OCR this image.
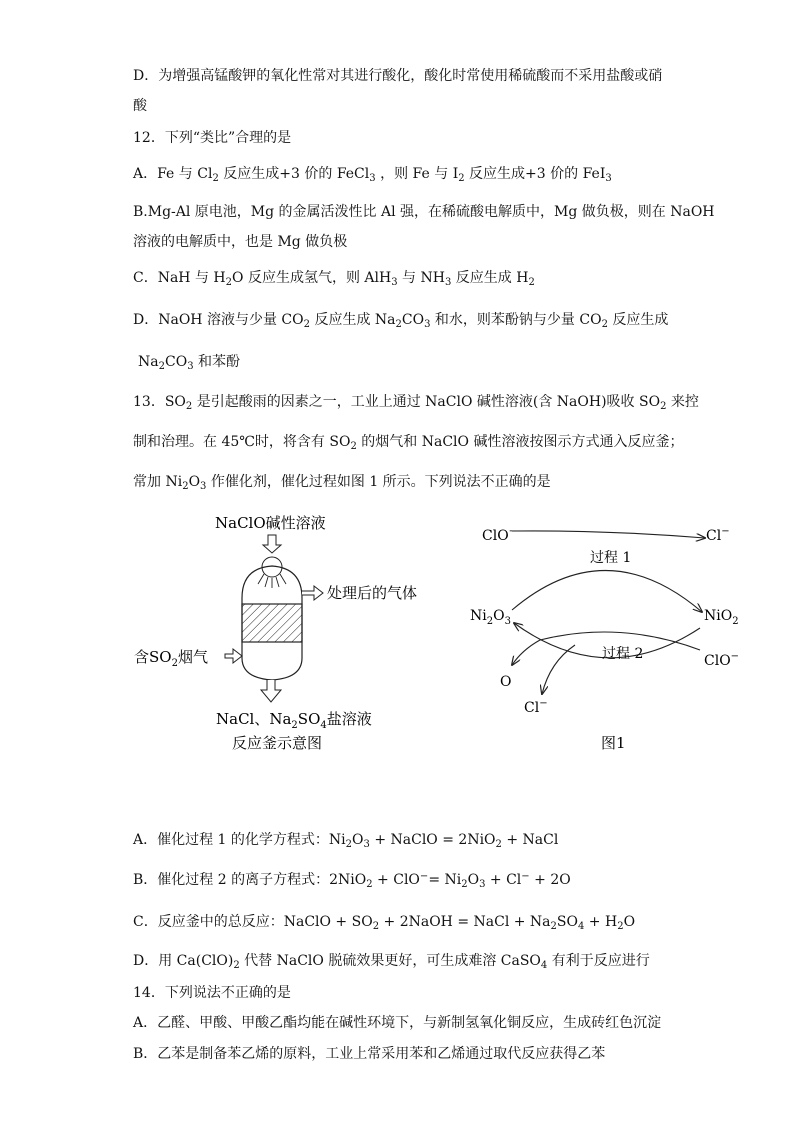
D．为增强高锰酸钾的氧化性常对其进行酸化，酸化时常使用稀硫酸而不采用盐酸或硝
酸
12．下列“类比”合理的是
A．Fe 与 $Cl_2$ 反应生成+3 价的 FeCl$_3$ ，则 Fe 与 $I_2$ 反应生成+3 价的 FeI$_3$
B.Mg-Al 原电池，Mg 的金属活泼性比 Al 强，在稀硫酸电解质中，Mg 做负极，则在 NaOH
溶液的电解质中，也是 Mg 做负极
C．NaH 与 $H_2O$ 反应生成氢气，则 AlH$_3$ 与 $NH_3$ 反应生成 $H_2$
D．NaOH 溶液与少量 $CO_2$ 反应生成 $Na_2CO_3$ 和水，则苯酚钠与少量 $CO_2$ 反应生成
$Na_2CO_3$ 和苯酚
13．$SO_2$ 是引起酸雨的因素之一，工业上通过 NaClO 碱性溶液(含 NaOH)吸收 $SO_2$ 来控
制和治理。在 45℃时，将含有 $SO_2$ 的烟气和 NaClO 碱性溶液按图示方式通入反应釜；
常加 $Ni_2O_3$ 作催化剂，催化过程如图 1 所示。下列说法不正确的是
NaClO碱性溶液
处理后的气体
含$SO_2$烟气
NaCl、$Na_2SO_4$盐溶液
反应釜示意图
ClO−	Cl−
过程 1
$Ni_2O_3$	NiO$_2$
过程 2	ClO−
O
Cl−
图1
A．催化过程 1 的化学方程式：$Ni_2O_3$ + NaClO = 2NiO$_2$ + NaCl
B．催化过程 2 的离子方程式：$2NiO_2 + ClO^-= Ni_2O_3 + Cl^- + 2O$
C．反应釜中的总反应：NaClO + $SO_2$ + 2NaOH = NaCl + $Na_2SO_4 + H_2O$
D．用 $Ca(ClO)_2$ 代替 NaClO 脱硫效果更好，可生成难溶 CaSO$_4$ 有利于反应进行
14．下列说法不正确的是
A．乙醛、甲酸、甲酸乙酯均能在碱性环境下，与新制氢氧化铜反应，生成砖红色沉淀
B．乙苯是制备苯乙烯的原料，工业上常采用苯和乙烯通过取代反应获得乙苯
